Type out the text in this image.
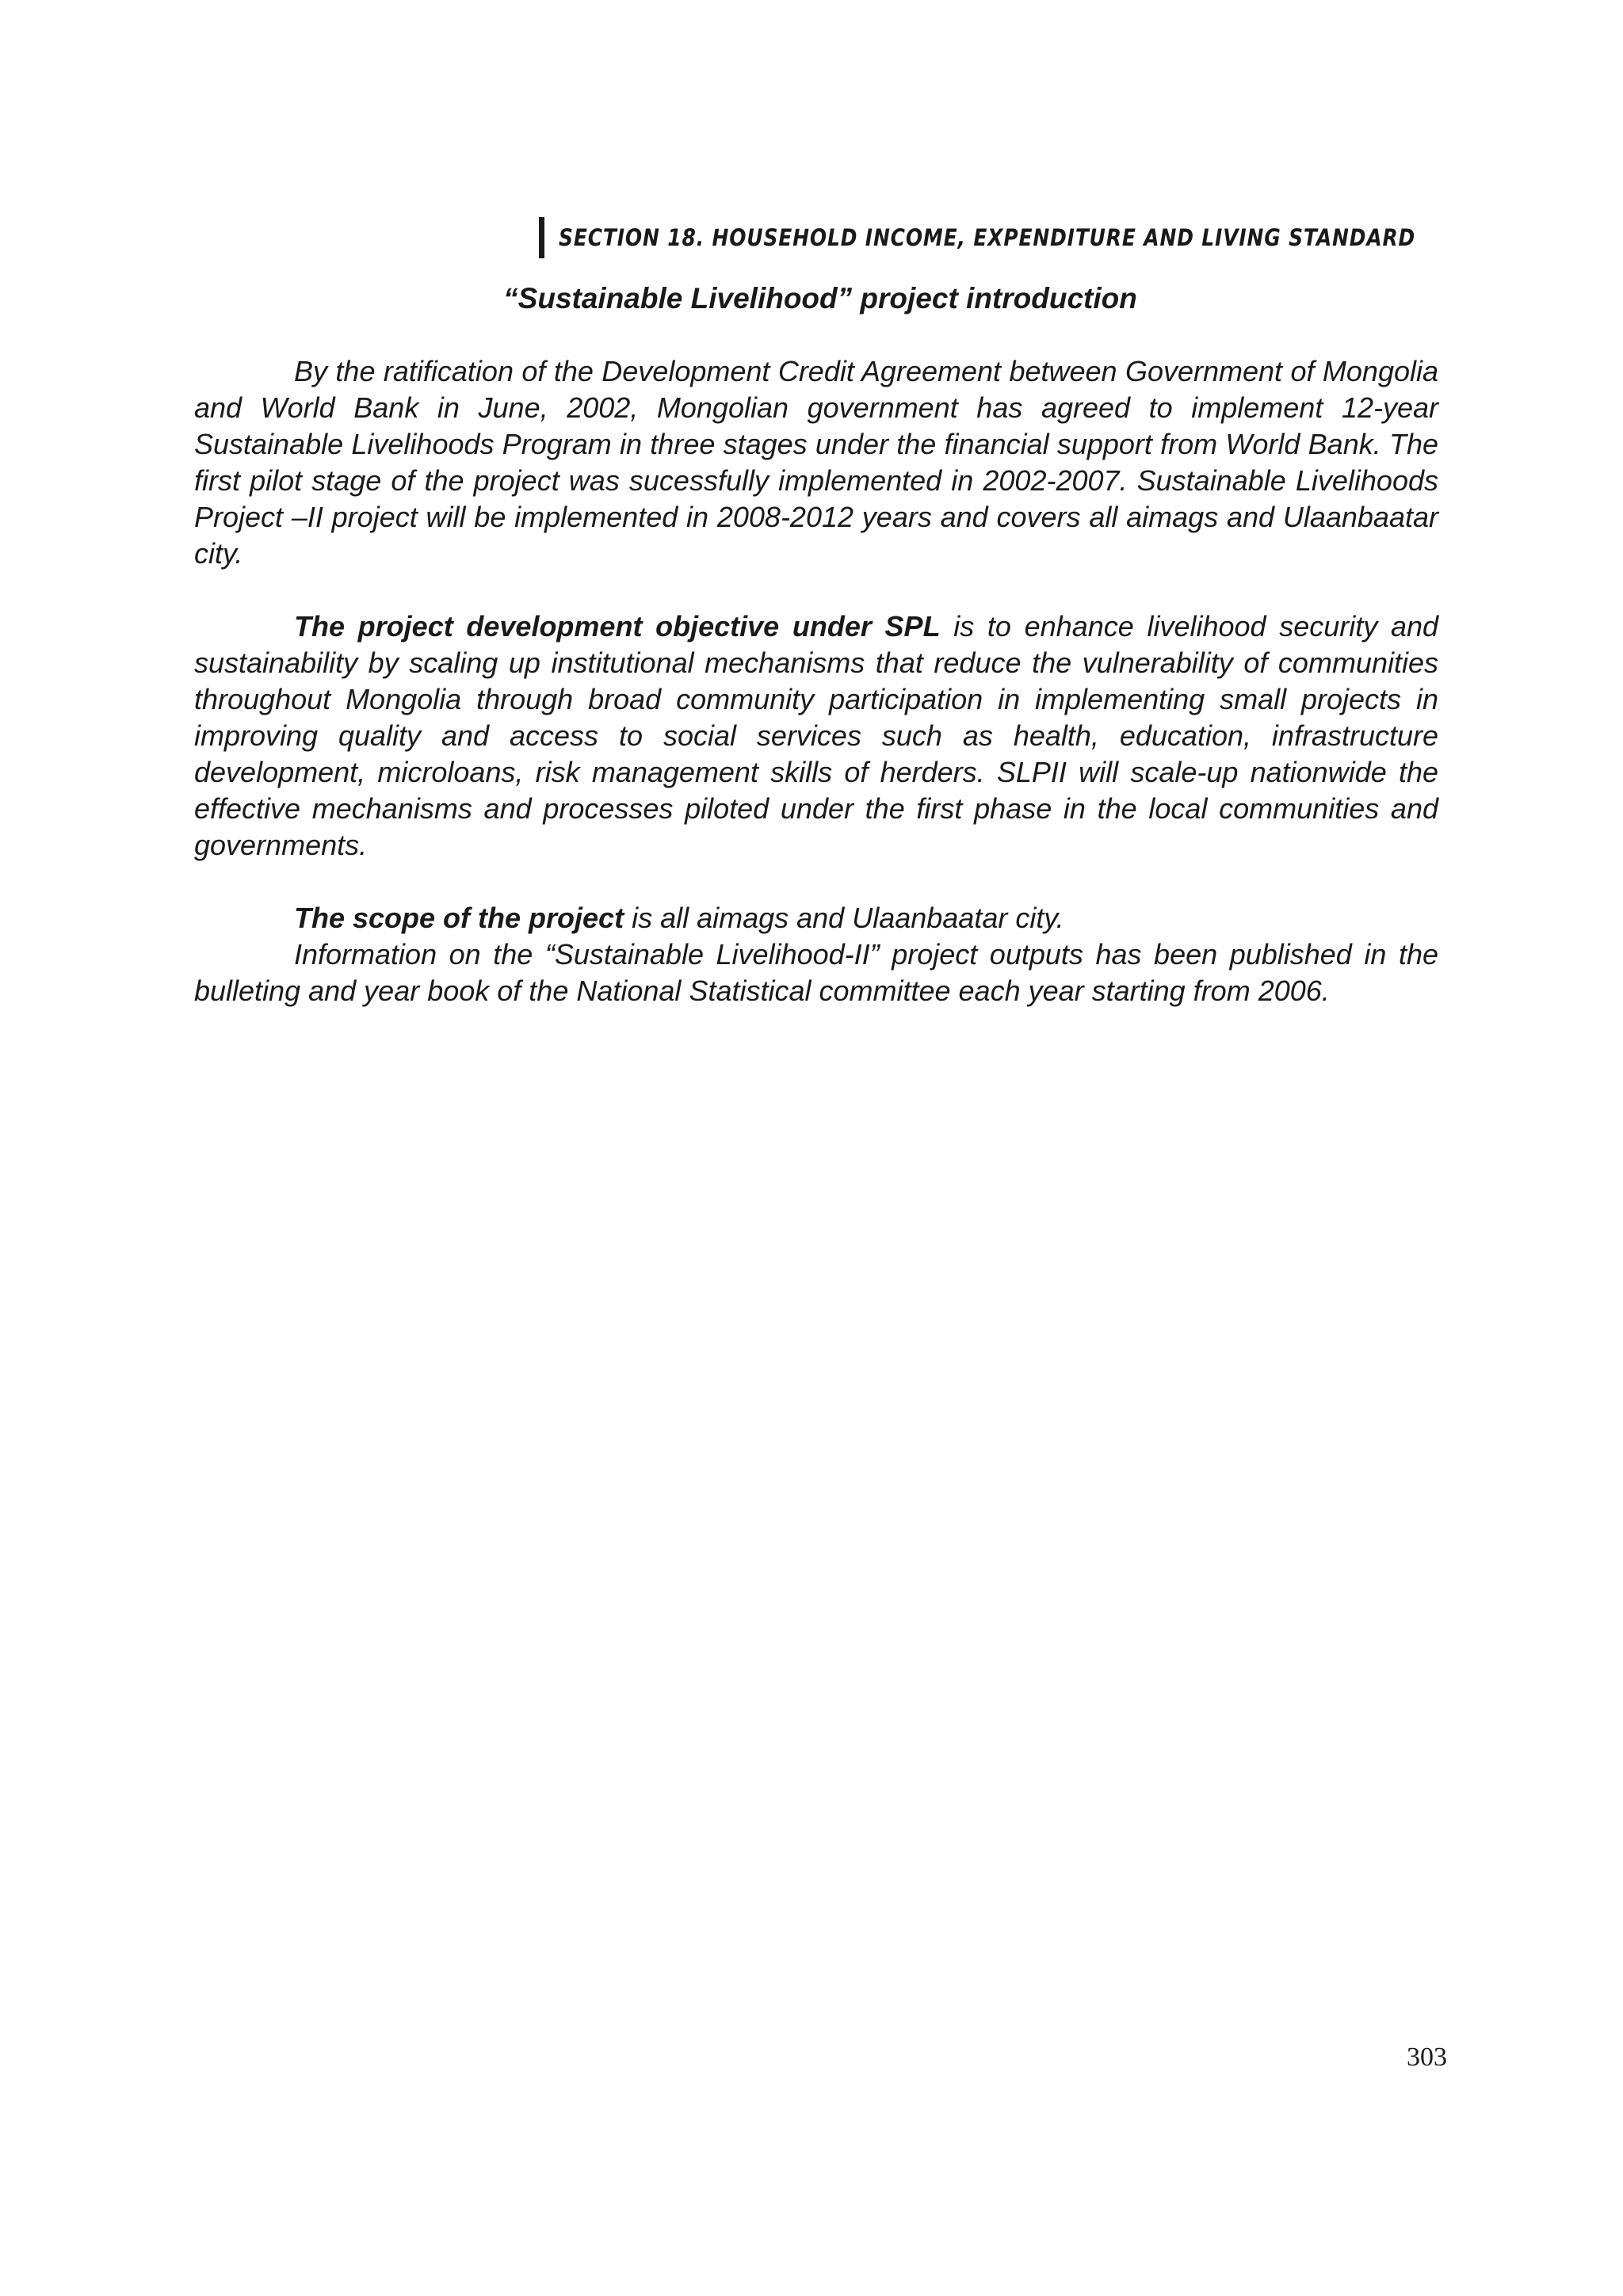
SECTION 18. HOUSEHOLD INCOME, EXPENDITURE AND LIVING STANDARD
“Sustainable Livelihood” project introduction

By the ratification of the Development Credit Agreement between Government of Mongolia and World Bank in June, 2002, Mongolian government has agreed to implement 12-year Sustainable Livelihoods Program in three stages under the financial support from World Bank. The first pilot stage of the project was sucessfully implemented in 2002-2007. Sustainable Livelihoods Project –II project will be implemented in 2008-2012 years and covers all aimags and Ulaanbaatar city.

The project development objective under SPL is to enhance livelihood security and sustainability by scaling up institutional mechanisms that reduce the vulnerability of communities throughout Mongolia through broad community participation in implementing small projects in improving quality and access to social services such as health, education, infrastructure development, microloans, risk management skills of herders. SLPII will scale-up nationwide the effective mechanisms and processes piloted under the first phase in the local communities and governments.

The scope of the project is all aimags and Ulaanbaatar city.

Information on the “Sustainable Livelihood-II” project outputs has been published in the bulleting and year book of the National Statistical committee each year starting from 2006.

303
